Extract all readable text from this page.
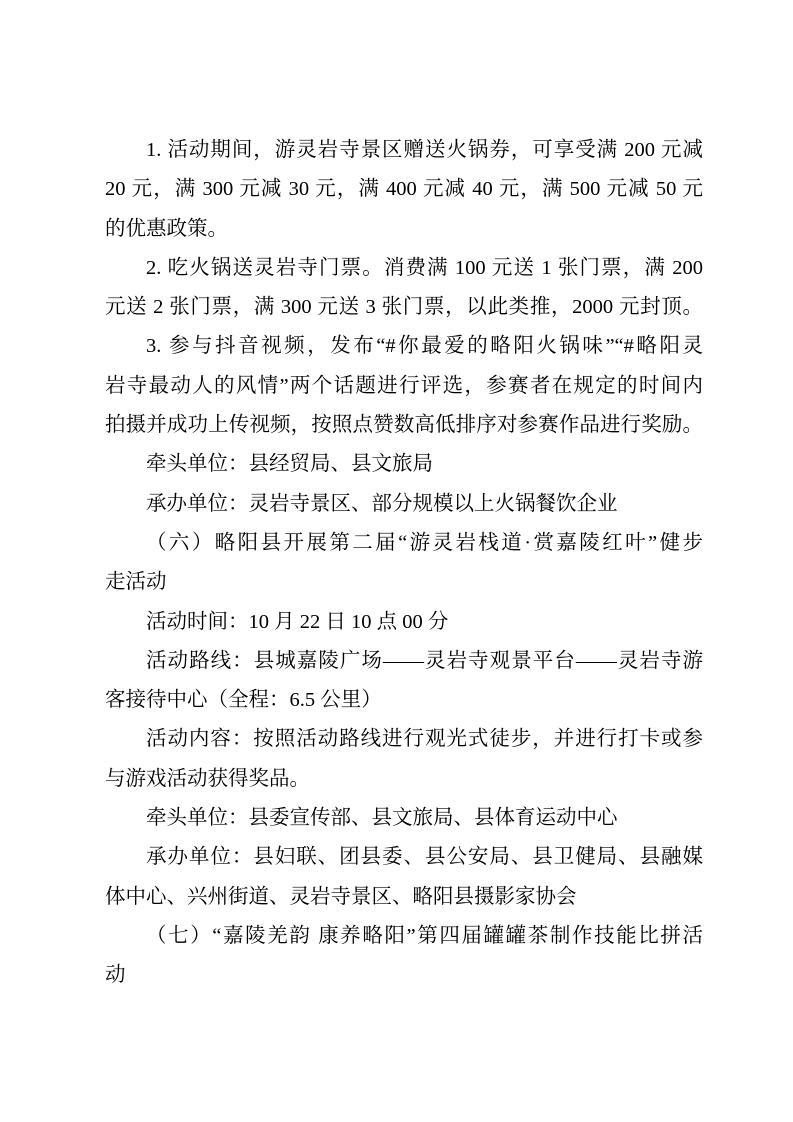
1. 活动期间，游灵岩寺景区赠送火锅券，可享受满 200 元减
20 元，满 300 元减 30 元，满 400 元减 40 元，满 500 元减 50 元
的优惠政策。
2. 吃火锅送灵岩寺门票。消费满 100 元送 1 张门票，满 200
元送 2 张门票，满 300 元送 3 张门票，以此类推，2000 元封顶。
3. 参与抖音视频，发布“#你最爱的略阳火锅味”“#略阳灵
岩寺最动人的风情”两个话题进行评选，参赛者在规定的时间内
拍摄并成功上传视频，按照点赞数高低排序对参赛作品进行奖励。
牵头单位：县经贸局、县文旅局
承办单位：灵岩寺景区、部分规模以上火锅餐饮企业
（六）略阳县开展第二届“游灵岩栈道·赏嘉陵红叶”健步
走活动
活动时间：10 月 22 日 10 点 00 分
活动路线：县城嘉陵广场——灵岩寺观景平台——灵岩寺游
客接待中心（全程：6.5 公里）
活动内容：按照活动路线进行观光式徒步，并进行打卡或参
与游戏活动获得奖品。
牵头单位：县委宣传部、县文旅局、县体育运动中心
承办单位：县妇联、团县委、县公安局、县卫健局、县融媒
体中心、兴州街道、灵岩寺景区、略阳县摄影家协会
（七）“嘉陵羌韵 康养略阳”第四届罐罐茶制作技能比拼活
动
